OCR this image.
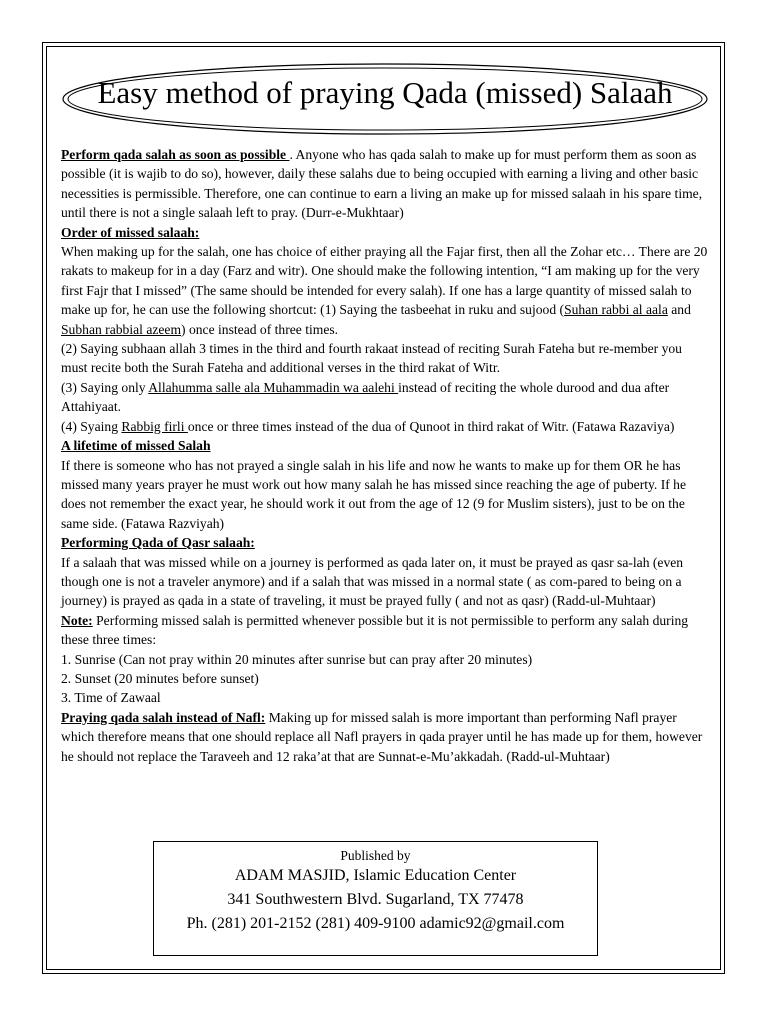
Easy method of praying Qada (missed) Salaah

Perform qada salah as soon as possible . Anyone who has qada salah to make up for must perform them as soon as possible (it is wajib to do so), however, daily these salahs due to being occupied with earning a living and other basic necessities is permissible. Therefore, one can continue to earn a living an make up for missed salaah in his spare time, until there is not a single salaah left to pray. (Durr-e-Mukhtaar)

Order of missed salaah:

When making up for the salah, one has choice of either praying all the Fajar first, then all the Zohar etc… There are 20 rakats to makeup for in a day (Farz and witr). One should make the following intention, “I am making up for the very first Fajr that I missed” (The same should be intended for every salah). If one has a large quantity of missed salah to make up for, he can use the following shortcut: (1) Saying the tasbeehat in ruku and sujood (Suhan rabbi al aala and Subhan rabbial azeem) once instead of three times.

(2) Saying subhaan allah 3 times in the third and fourth rakaat instead of reciting Surah Fateha but re-member you must recite both the Surah Fateha and additional verses in the third rakat of Witr.

(3) Saying only Allahumma salle ala Muhammadin wa aalehi instead of reciting the whole durood and dua after Attahiyaat.

(4) Syaing Rabbig firli once or three times instead of the dua of Qunoot in third rakat of Witr. (Fatawa Razaviya)

A lifetime of missed Salah

If there is someone who has not prayed a single salah in his life and now he wants to make up for them OR he has missed many years prayer he must work out how many salah he has missed since reaching the age of puberty. If he does not remember the exact year, he should work it out from the age of 12 (9 for Muslim sisters), just to be on the same side. (Fatawa Razviyah)

Performing Qada of Qasr salaah:

If a salaah that was missed while on a journey is performed as qada later on, it must be prayed as qasr sa-lah (even though one is not a traveler anymore) and if a salah that was missed in a normal state ( as com-pared to being on a journey) is prayed as qada in a state of traveling, it must be prayed fully ( and not as qasr) (Radd-ul-Muhtaar)

Note: Performing missed salah is permitted whenever possible but it is not permissible to perform any salah during these three times:

1. Sunrise (Can not pray within 20 minutes after sunrise but can pray after 20 minutes)

2. Sunset (20 minutes before sunset)

3. Time of Zawaal

Praying qada salah instead of Nafl: Making up for missed salah is more important than performing Nafl prayer which therefore means that one should replace all Nafl prayers in qada prayer until he has made up for them, however he should not replace the Taraveeh and 12 raka’at that are Sunnat-e-Mu’akkadah. (Radd-ul-Muhtaar)

Published by
ADAM MASJID, Islamic Education Center
341 Southwestern Blvd. Sugarland, TX 77478
Ph. (281) 201-2152 (281) 409-9100 adamic92@gmail.com
